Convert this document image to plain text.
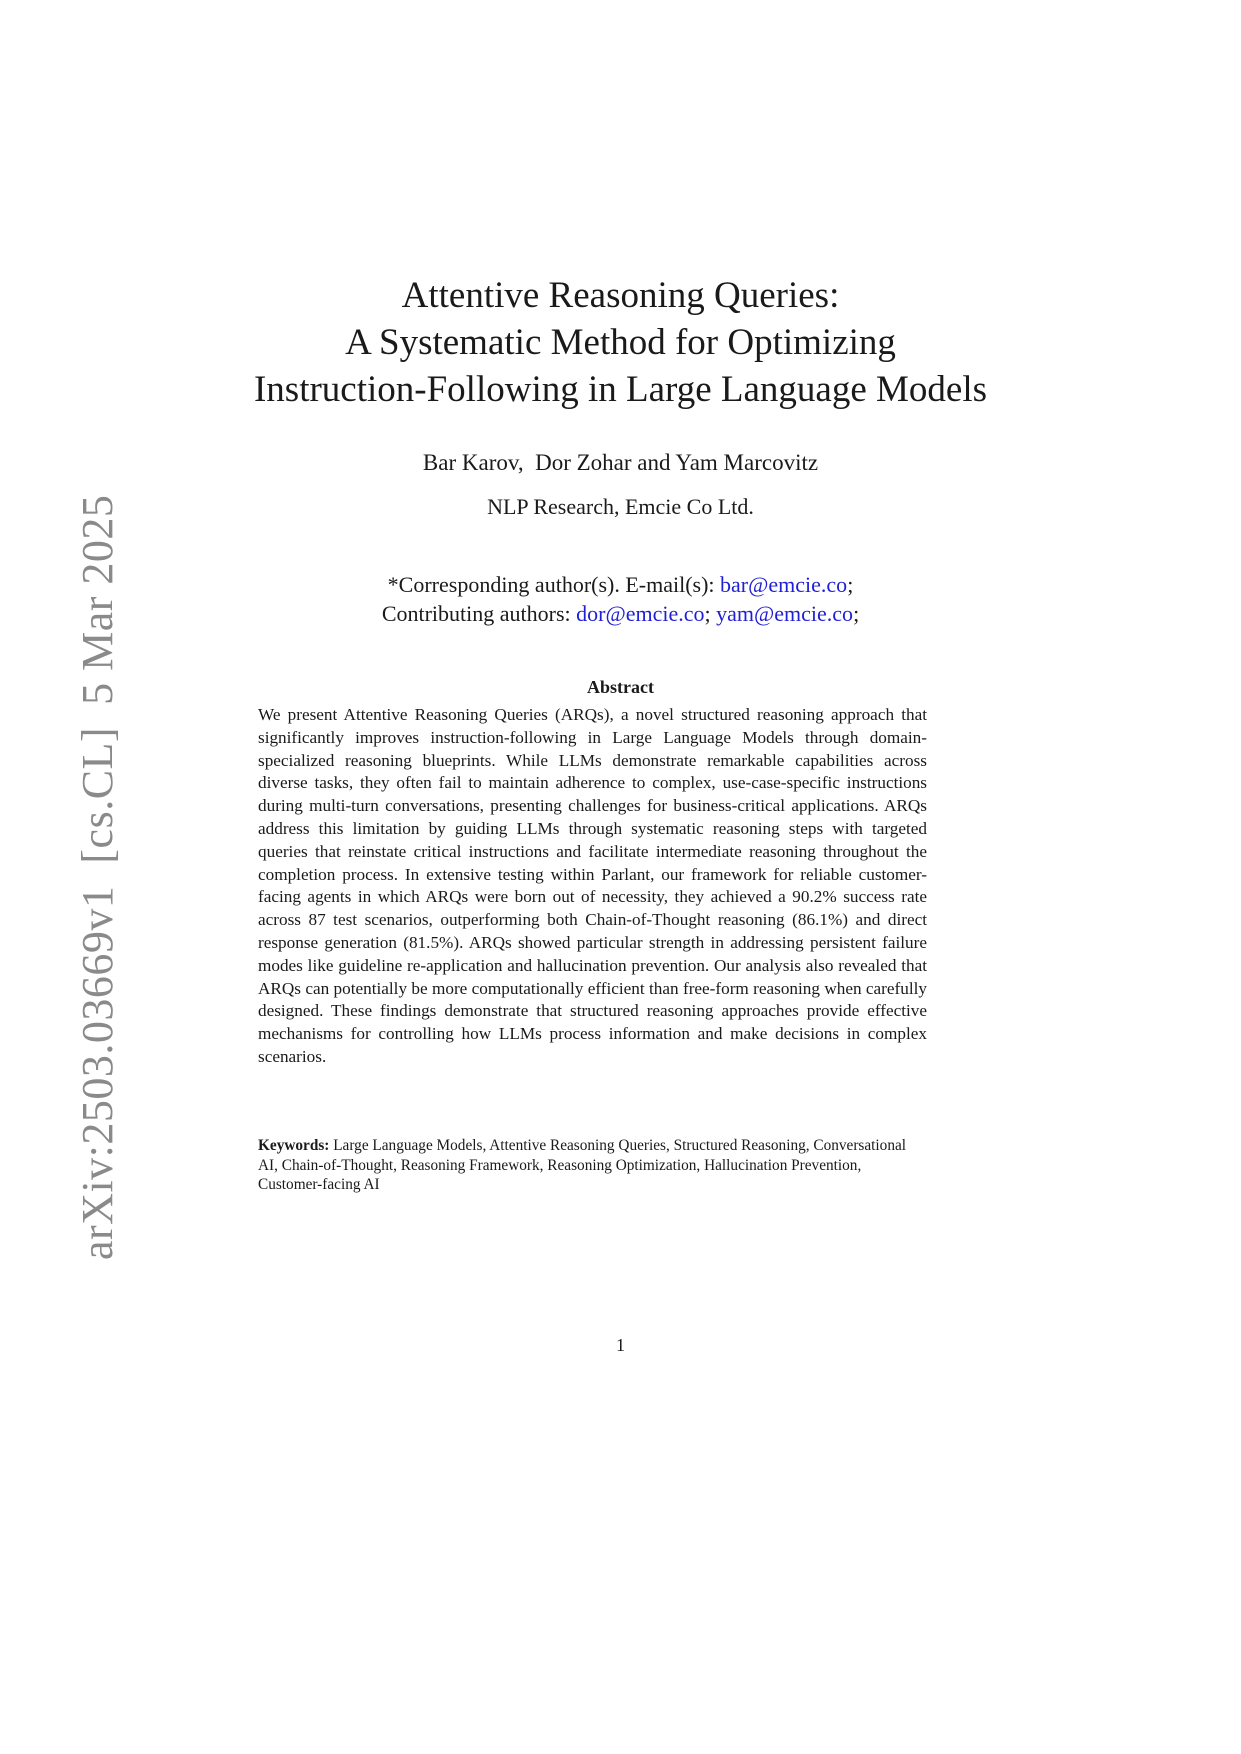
arXiv:2503.03669v1[cs.CL]5 Mar 2025
Attentive Reasoning Queries:
A Systematic Method for Optimizing
Instruction-Following in Large Language Models
Bar Karov,  Dor Zohar and Yam Marcovitz
NLP Research, Emcie Co Ltd.
*Corresponding author(s). E-mail(s): bar@emcie.co;
Contributing authors: dor@emcie.co; yam@emcie.co;
Abstract

We present Attentive Reasoning Queries (ARQs), a novel structured reasoning approach that significantly improves instruction-following in Large Language Models through domain-specialized reasoning blueprints. While LLMs demonstrate remarkable capabilities across diverse tasks, they often fail to maintain adherence to complex, use-case-specific instructions during multi-turn conversations, presenting challenges for business-critical applications. ARQs address this limitation by guiding LLMs through systematic reasoning steps with targeted queries that reinstate critical instructions and facilitate intermediate reasoning throughout the completion process. In extensive testing within Parlant, our framework for reliable customer-facing agents in which ARQs were born out of necessity, they achieved a 90.2% success rate across 87 test scenarios, outperforming both Chain-of-Thought reasoning (86.1%) and direct response generation (81.5%). ARQs showed particular strength in addressing persistent failure modes like guideline re-application and hallucination prevention. Our analysis also revealed that ARQs can potentially be more computationally efficient than free-form reasoning when carefully designed. These findings demonstrate that structured reasoning approaches provide effective mechanisms for controlling how LLMs process information and make decisions in complex scenarios.

Keywords: Large Language Models, Attentive Reasoning Queries, Structured Reasoning, Conversational AI, Chain-of-Thought, Reasoning Framework, Reasoning Optimization, Hallucination Prevention, Customer-facing AI

1
